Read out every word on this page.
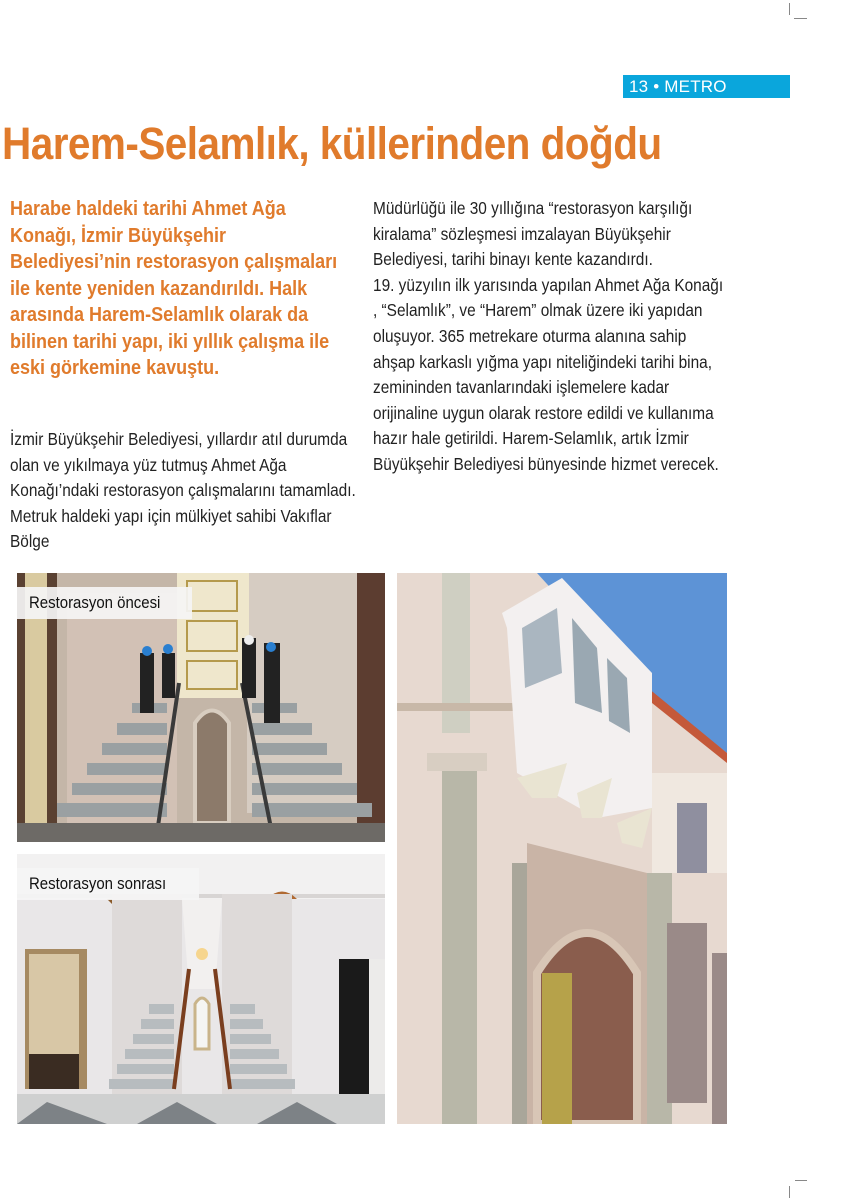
13 • METRO
Harem-Selamlık, küllerinden doğdu

Harabe haldeki tarihi Ahmet Ağa Konağı, İzmir Büyükşehir Belediyesi’nin restorasyon çalışmaları ile kente yeniden kazandırıldı. Halk arasında Harem-Selamlık olarak da bilinen tarihi yapı, iki yıllık çalışma ile eski görkemine kavuştu.

İzmir Büyükşehir Belediyesi, yıllardır atıl durumda olan ve yıkılmaya yüz tutmuş Ahmet Ağa Konağı’ndaki restorasyon çalışmalarını tamamladı. Metruk haldeki yapı için mülkiyet sahibi Vakıflar Bölge

Müdürlüğü ile 30 yıllığına “restorasyon karşılığı kiralama” sözleşmesi imzalayan Büyükşehir Belediyesi, tarihi binayı kente kazandırdı.
19. yüzyılın ilk yarısında yapılan Ahmet Ağa Konağı , “Selamlık”, ve “Harem” olmak üzere iki yapıdan oluşuyor. 365 metrekare oturma alanına sahip ahşap karkaslı yığma yapı niteliğindeki tarihi bina, zemininden tavanlarındaki işlemelere kadar orijinaline uygun olarak restore edildi ve kullanıma hazır hale getirildi. Harem-Selamlık, artık İzmir Büyükşehir Belediyesi bünyesinde hizmet verecek.
Restorasyon öncesi
Restorasyon sonrası
